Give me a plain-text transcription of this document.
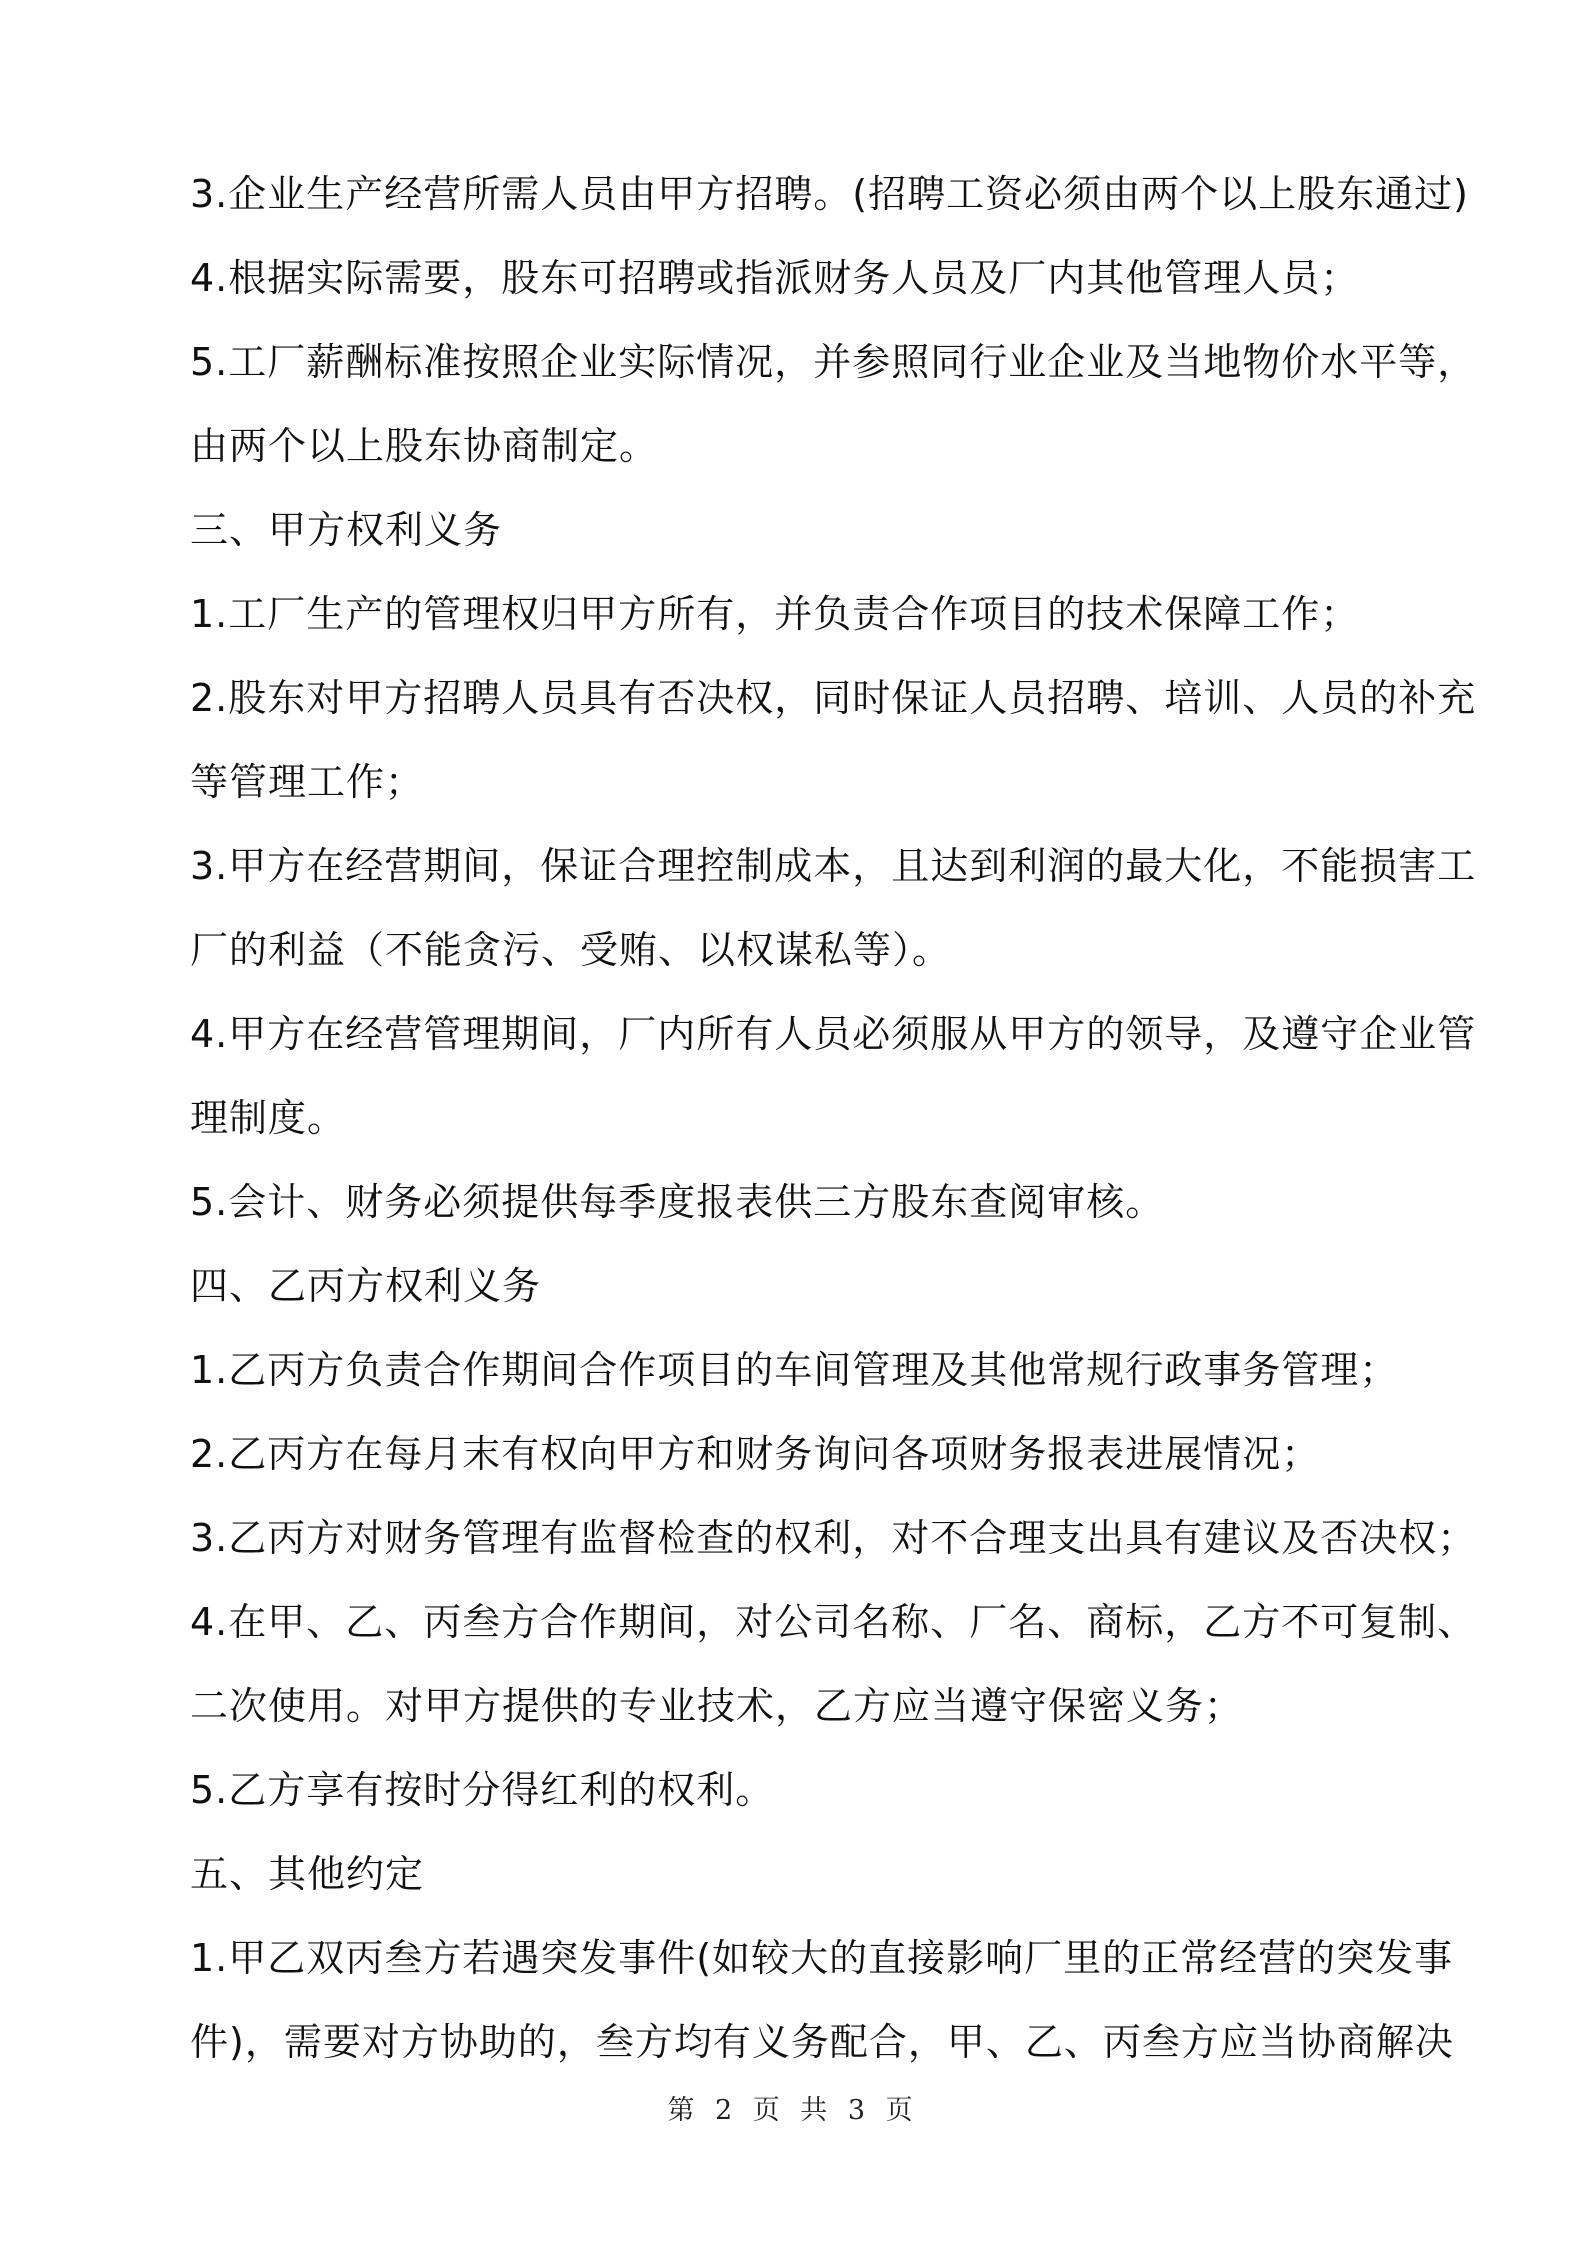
3.企业生产经营所需人员由甲方招聘。(招聘工资必须由两个以上股东通过)
4.根据实际需要，股东可招聘或指派财务人员及厂内其他管理人员；
5.工厂薪酬标准按照企业实际情况，并参照同行业企业及当地物价水平等，
由两个以上股东协商制定。
三、甲方权利义务
1.工厂生产的管理权归甲方所有，并负责合作项目的技术保障工作；
2.股东对甲方招聘人员具有否决权，同时保证人员招聘、培训、人员的补充
等管理工作；
3.甲方在经营期间，保证合理控制成本，且达到利润的最大化，不能损害工
厂的利益（不能贪污、受贿、以权谋私等）。
4.甲方在经营管理期间，厂内所有人员必须服从甲方的领导，及遵守企业管
理制度。
5.会计、财务必须提供每季度报表供三方股东查阅审核。
四、乙丙方权利义务
1.乙丙方负责合作期间合作项目的车间管理及其他常规行政事务管理；
2.乙丙方在每月末有权向甲方和财务询问各项财务报表进展情况；
3.乙丙方对财务管理有监督检查的权利，对不合理支出具有建议及否决权；
4.在甲、乙、丙叁方合作期间，对公司名称、厂名、商标，乙方不可复制、
二次使用。对甲方提供的专业技术，乙方应当遵守保密义务；
5.乙方享有按时分得红利的权利。
五、其他约定
1.甲乙双丙叁方若遇突发事件(如较大的直接影响厂里的正常经营的突发事
件)，需要对方协助的，叁方均有义务配合，甲、乙、丙叁方应当协商解决
第 2 页 共 3 页
